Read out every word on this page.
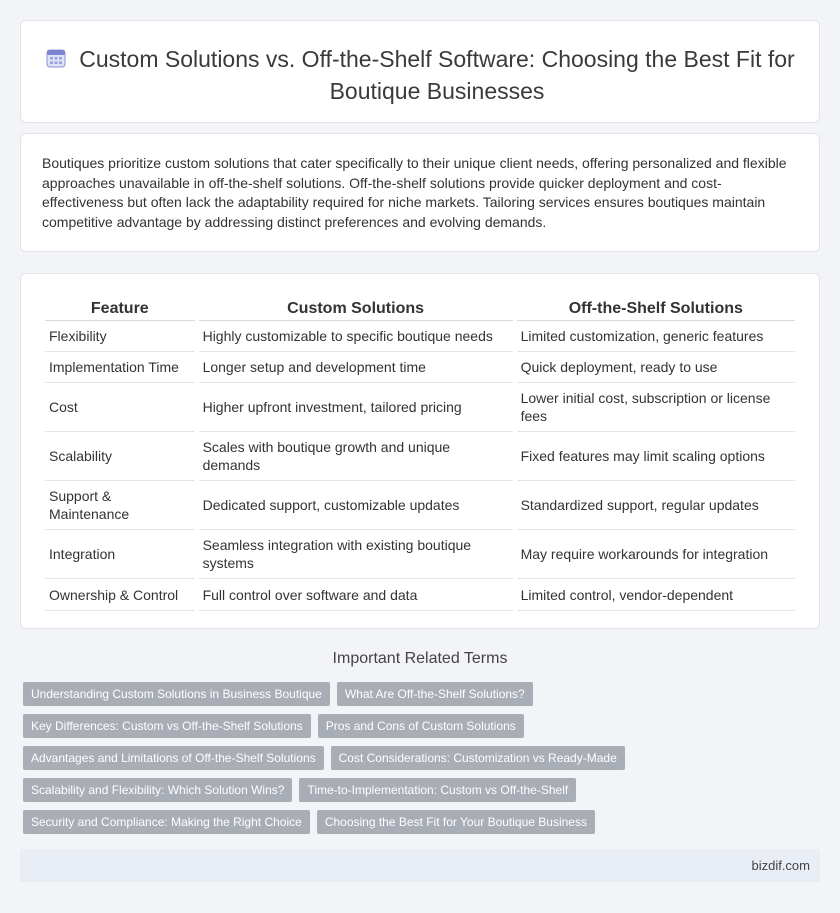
Custom Solutions vs. Off-the-Shelf Software: Choosing the Best Fit for Boutique Businesses

Boutiques prioritize custom solutions that cater specifically to their unique client needs, offering personalized and flexible approaches unavailable in off-the-shelf solutions. Off-the-shelf solutions provide quicker deployment and cost-effectiveness but often lack the adaptability required for niche markets. Tailoring services ensures boutiques maintain competitive advantage by addressing distinct preferences and evolving demands.

Feature	Custom Solutions	Off-the-Shelf Solutions
Flexibility	Highly customizable to specific boutique needs	Limited customization, generic features
Implementation Time	Longer setup and development time	Quick deployment, ready to use
Cost	Higher upfront investment, tailored pricing	Lower initial cost, subscription or license fees
Scalability	Scales with boutique growth and unique demands	Fixed features may limit scaling options
Support & Maintenance	Dedicated support, customizable updates	Standardized support, regular updates
Integration	Seamless integration with existing boutique systems	May require workarounds for integration
Ownership & Control	Full control over software and data	Limited control, vendor-dependent
Important Related Terms
Understanding Custom Solutions in Business Boutique	What Are Off-the-Shelf Solutions?
Key Differences: Custom vs Off-the-Shelf Solutions	Pros and Cons of Custom Solutions
Advantages and Limitations of Off-the-Shelf Solutions	Cost Considerations: Customization vs Ready-Made
Scalability and Flexibility: Which Solution Wins?	Time-to-Implementation: Custom vs Off-the-Shelf
Security and Compliance: Making the Right Choice	Choosing the Best Fit for Your Boutique Business
bizdif.com
